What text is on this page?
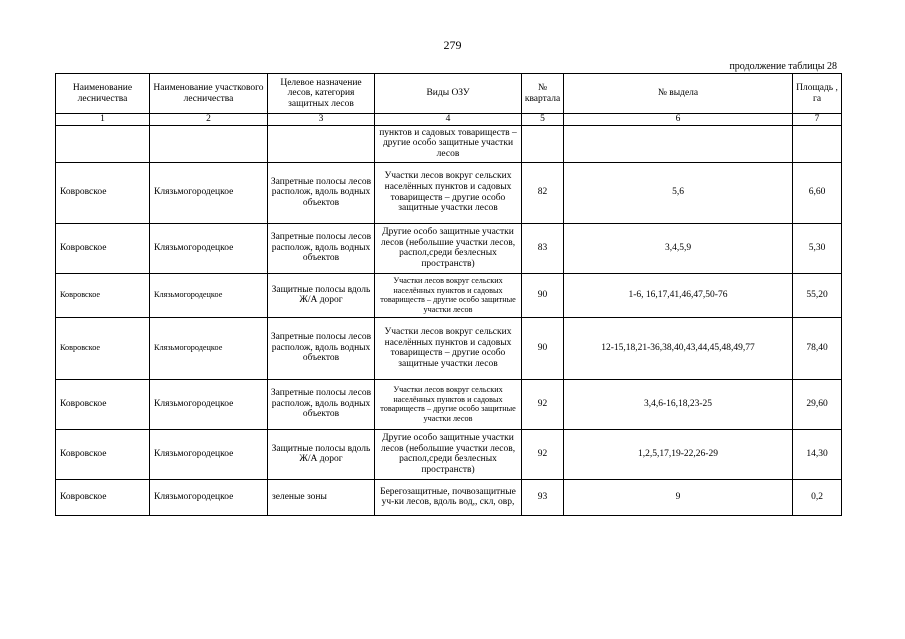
279
продолжение таблицы 28
Наименование лесничества	Наименование участкового лесничества	Целевое назначение лесов, категория защитных лесов	Виды ОЗУ	№ квартала	№ выдела	Площадь , га
1	2	3	4	5	6	7
			пунктов и садовых товариществ – другие особо защитные участки лесов			
Ковровское	Клязьмогородецкое	Запретные полосы лесов располож, вдоль водных объектов	Участки лесов вокруг сельских населённых пунктов и садовых товариществ – другие особо защитные участки лесов	82	5,6	6,60
Ковровское	Клязьмогородецкое	Запретные полосы лесов располож, вдоль водных объектов	Другие особо защитные участки лесов (небольшие участки лесов, распол,среди безлесных пространств)	83	3,4,5,9	5,30
Ковровское	Клязьмогородецкое	Защитные полосы вдоль Ж/А дорог	Участки лесов вокруг сельских населённых пунктов и садовых товариществ – другие особо защитные участки лесов	90	1-6, 16,17,41,46,47,50-76	55,20
Ковровское	Клязьмогородецкое	Запретные полосы лесов располож, вдоль водных объектов	Участки лесов вокруг сельских населённых пунктов и садовых товариществ – другие особо защитные участки лесов	90	12-15,18,21-36,38,40,43,44,45,48,49,77	78,40
Ковровское	Клязьмогородецкое	Запретные полосы лесов располож, вдоль водных объектов	Участки лесов вокруг сельских населённых пунктов и садовых товариществ – другие особо защитные участки лесов	92	3,4,6-16,18,23-25	29,60
Ковровское	Клязьмогородецкое	Защитные полосы вдоль Ж/А дорог	Другие особо защитные участки лесов (небольшие участки лесов, распол,среди безлесных пространств)	92	1,2,5,17,19-22,26-29	14,30
Ковровское	Клязьмогородецкое	зеленые зоны	Берегозащитные, почвозащитные уч-ки лесов, вдоль вод,, скл, овр,	93	9	0,2
